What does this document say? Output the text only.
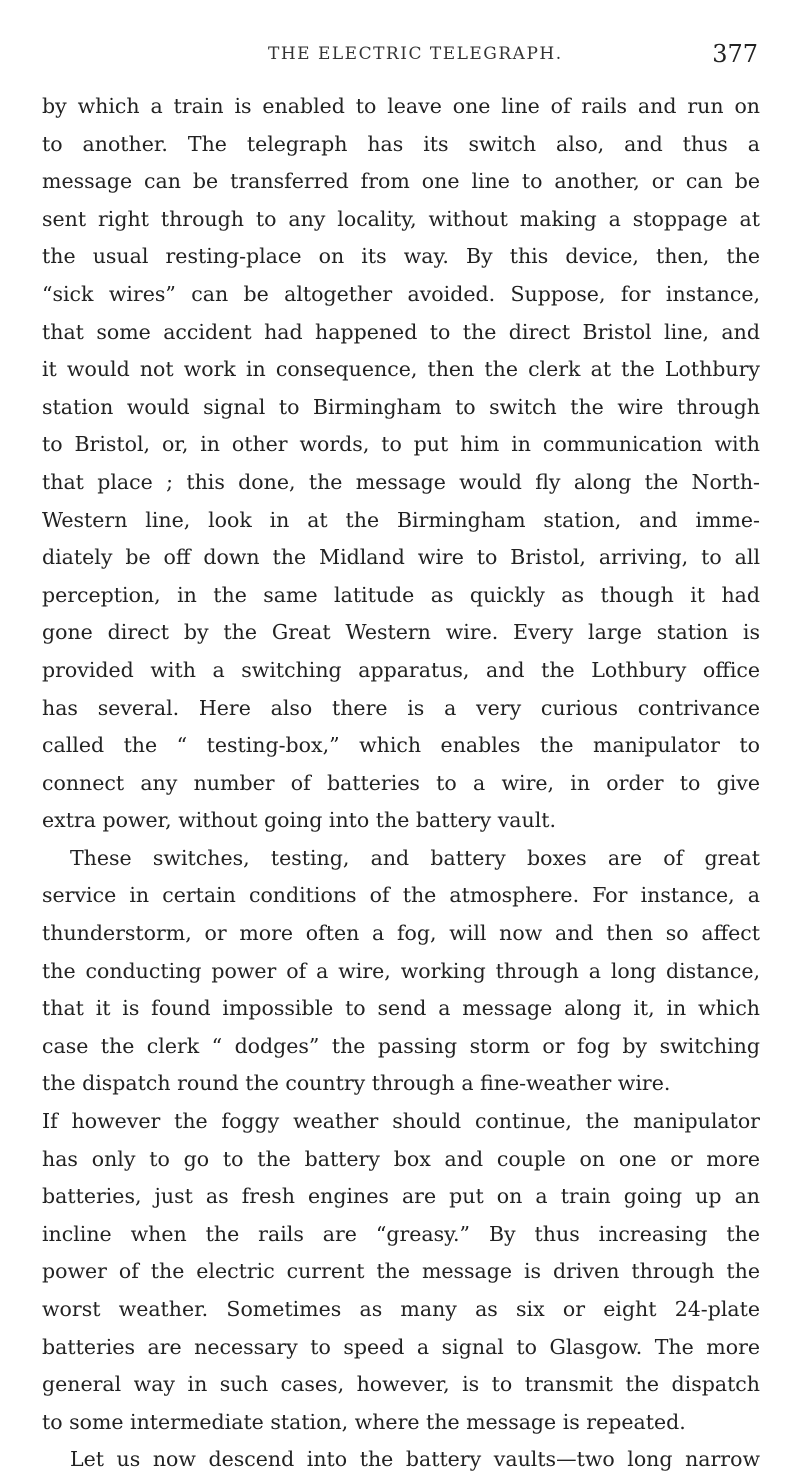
THE ELECTRIC TELEGRAPH.	377
by which a train is enabled to leave one line of rails and run on
to another. The telegraph has its switch also, and thus a
message can be transferred from one line to another, or can be
sent right through to any locality, without making a stoppage at
the usual resting-place on its way. By this device, then, the
“sick wires” can be altogether avoided. Suppose, for instance,
that some accident had happened to the direct Bristol line, and
it would not work in consequence, then the clerk at the Lothbury
station would signal to Birmingham to switch the wire through
to Bristol, or, in other words, to put him in communication with
that place ; this done, the message would fly along the North-
Western line, look in at the Birmingham station, and imme-
diately be off down the Midland wire to Bristol, arriving, to all
perception, in the same latitude as quickly as though it had
gone direct by the Great Western wire. Every large station is
provided with a switching apparatus, and the Lothbury office
has several. Here also there is a very curious contrivance
called the “ testing-box,” which enables the manipulator to
connect any number of batteries to a wire, in order to give
extra power, without going into the battery vault.
These switches, testing, and battery boxes are of great
service in certain conditions of the atmosphere. For instance, a
thunderstorm, or more often a fog, will now and then so affect
the conducting power of a wire, working through a long distance,
that it is found impossible to send a message along it, in which
case the clerk “ dodges” the passing storm or fog by switching
the dispatch round the country through a fine-weather wire.
If however the foggy weather should continue, the manipulator
has only to go to the battery box and couple on one or more
batteries, just as fresh engines are put on a train going up an
incline when the rails are “greasy.” By thus increasing the
power of the electric current the message is driven through the
worst weather. Sometimes as many as six or eight 24-plate
batteries are necessary to speed a signal to Glasgow. The more
general way in such cases, however, is to transmit the dispatch
to some intermediate station, where the message is repeated.
Let us now descend into the battery vaults—two long narrow
